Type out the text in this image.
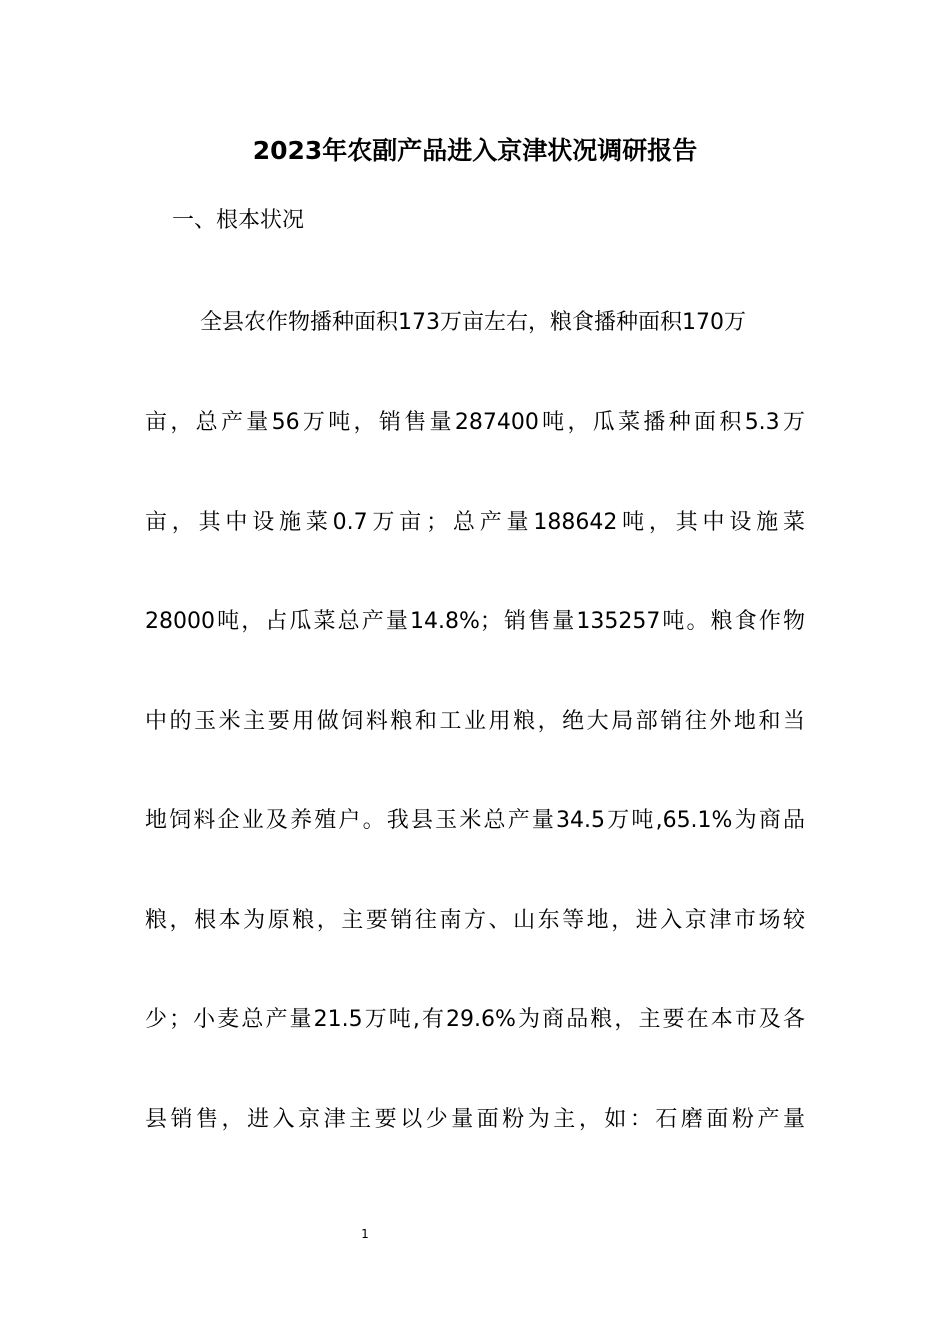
2023年农副产品进入京津状况调研报告

一、根本状况

全县农作物播种面积173万亩左右，粮食播种面积170万

亩，总产量56万吨，销售量287400吨，瓜菜播种面积5.3万

亩，其中设施菜0.7万亩；总产量188642吨，其中设施菜

28000吨，占瓜菜总产量14.8%；销售量135257吨。粮食作物

中的玉米主要用做饲料粮和工业用粮，绝大局部销往外地和当

地饲料企业及养殖户。我县玉米总产量34.5万吨,65.1%为商品

粮，根本为原粮，主要销往南方、山东等地，进入京津市场较

少；小麦总产量21.5万吨,有29.6%为商品粮，主要在本市及各

县销售，进入京津主要以少量面粉为主，如：石磨面粉产量

1
